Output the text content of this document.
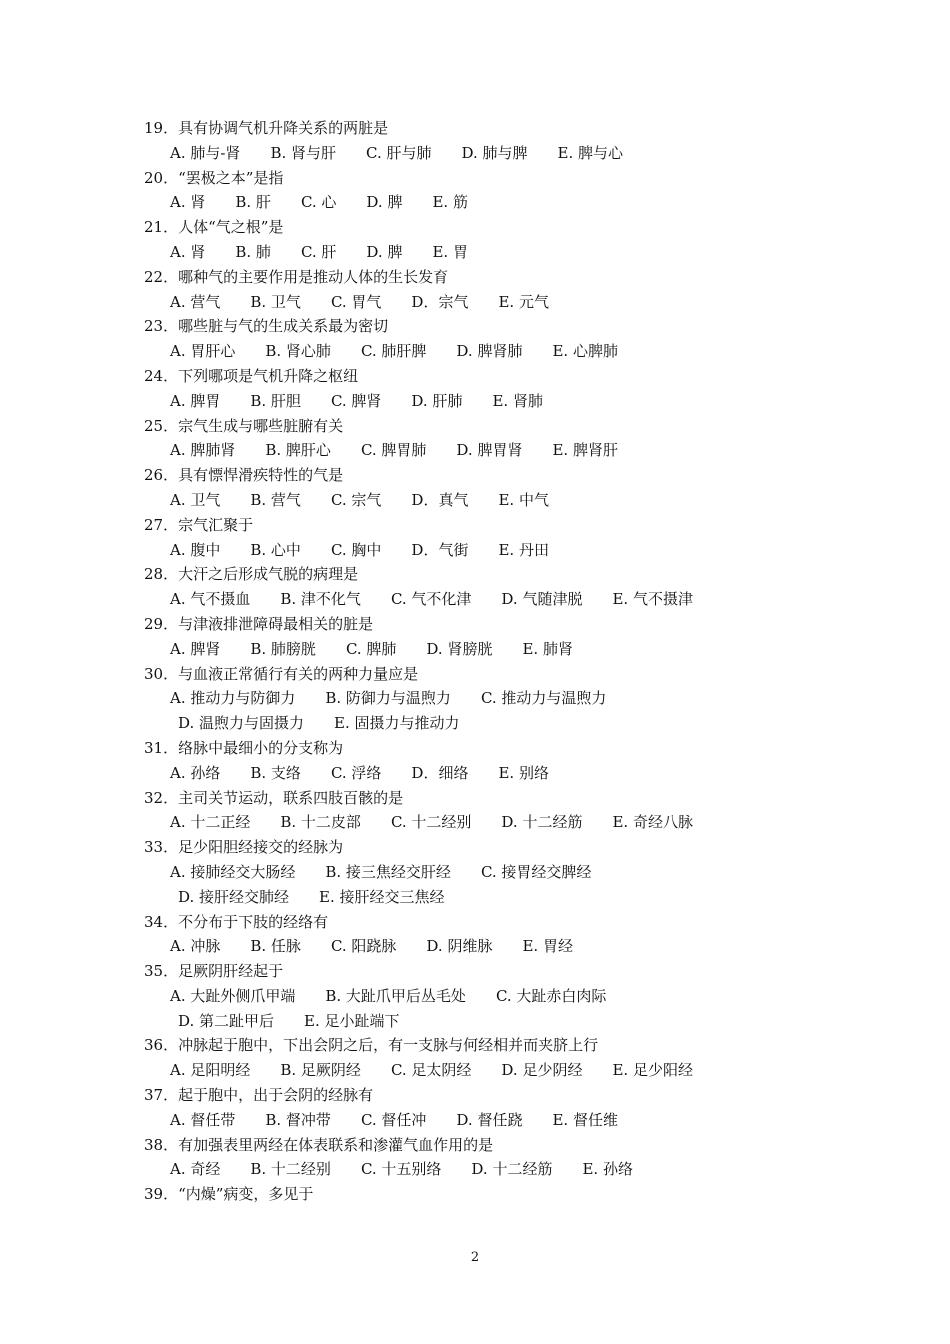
19．具有协调气机升降关系的两脏是
A. 肺与-肾 B. 肾与肝 C. 肝与肺 D. 肺与脾 E. 脾与心
20．“罢极之本”是指
A. 肾 B. 肝 C. 心 D. 脾 E. 筋
21．人体“气之根”是
A. 肾 B. 肺 C. 肝 D. 脾 E. 胃
22．哪种气的主要作用是推动人体的生长发育
A. 营气 B. 卫气 C. 胃气 D．宗气 E. 元气
23．哪些脏与气的生成关系最为密切
A. 胃肝心 B. 肾心肺 C. 肺肝脾 D. 脾肾肺 E. 心脾肺
24．下列哪项是气机升降之枢纽
A. 脾胃 B. 肝胆 C. 脾肾 D. 肝肺 E. 肾肺
25．宗气生成与哪些脏腑有关
A. 脾肺肾 B. 脾肝心 C. 脾胃肺 D. 脾胃肾 E. 脾肾肝
26．具有慓悍滑疾特性的气是
A. 卫气 B. 营气 C. 宗气 D．真气 E. 中气
27．宗气汇聚于
A. 腹中 B. 心中 C. 胸中 D．气街 E. 丹田
28．大汗之后形成气脱的病理是
A. 气不摄血 B. 津不化气 C. 气不化津 D. 气随津脱 E. 气不摄津
29．与津液排泄障碍最相关的脏是
A. 脾肾 B. 肺膀胱 C. 脾肺 D. 肾膀胱 E. 肺肾
30．与血液正常循行有关的两种力量应是
A. 推动力与防御力 B. 防御力与温煦力 C. 推动力与温煦力
D. 温煦力与固摄力 E. 固摄力与推动力
31．络脉中最细小的分支称为
A. 孙络 B. 支络 C. 浮络 D．细络 E. 别络
32．主司关节运动，联系四肢百骸的是
A. 十二正经 B. 十二皮部 C. 十二经别 D. 十二经筋 E. 奇经八脉
33．足少阳胆经接交的经脉为
A. 接肺经交大肠经 B. 接三焦经交肝经 C. 接胃经交脾经
D. 接肝经交肺经 E. 接肝经交三焦经
34．不分布于下肢的经络有
A. 冲脉 B. 任脉 C. 阳跷脉 D. 阴维脉 E. 胃经
35．足厥阴肝经起于
A. 大趾外侧爪甲端 B. 大趾爪甲后丛毛处 C. 大趾赤白肉际
D. 第二趾甲后 E. 足小趾端下
36．冲脉起于胞中，下出会阴之后，有一支脉与何经相并而夹脐上行
A. 足阳明经 B. 足厥阴经 C. 足太阴经 D. 足少阴经 E. 足少阳经
37．起于胞中，出于会阴的经脉有
A. 督任带 B. 督冲带 C. 督任冲 D. 督任跷 E. 督任维
38．有加强表里两经在体表联系和渗灌气血作用的是
A. 奇经 B. 十二经别 C. 十五别络 D. 十二经筋 E. 孙络
39．“内燥”病变，多见于
2
